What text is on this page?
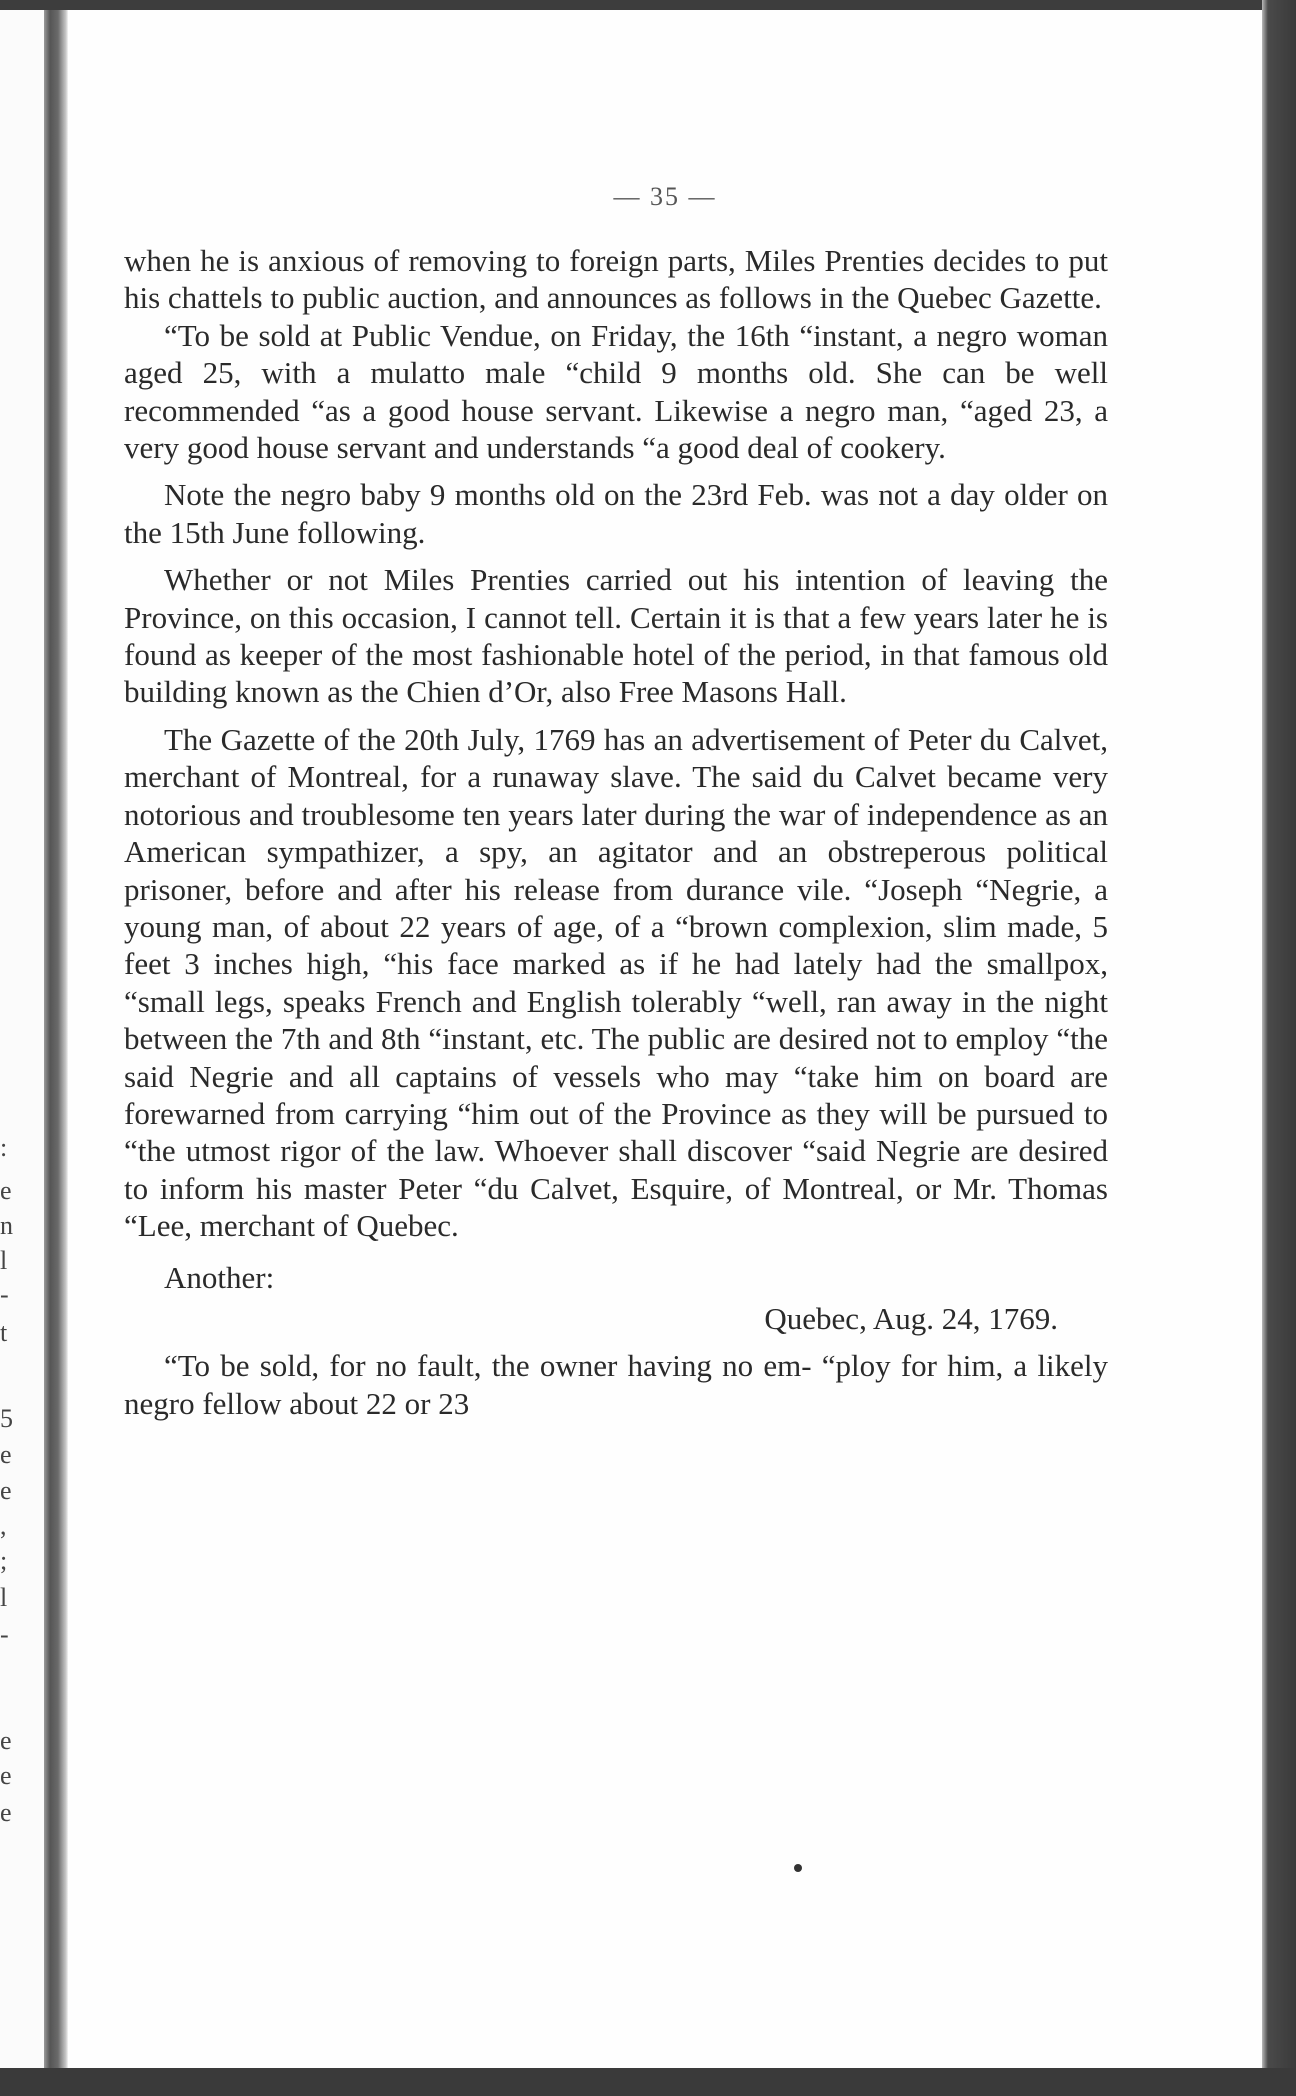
:
e
n
l
-
t
5
e
e
,
;
l
-
e
e
e
— 35 —

when he is anxious of removing to foreign parts, Miles Prenties decides to put his chattels to public auction, and announces as follows in the Quebec Gazette.

“To be sold at Public Vendue, on Friday, the 16th “instant, a negro woman aged 25, with a mulatto male “child 9 months old. She can be well recommended “as a good house servant. Likewise a negro man, “aged 23, a very good house servant and understands “a good deal of cookery.

Note the negro baby 9 months old on the 23rd Feb. was not a day older on the 15th June following.

Whether or not Miles Prenties carried out his intention of leaving the Province, on this occasion, I cannot tell. Certain it is that a few years later he is found as keeper of the most fashionable hotel of the period, in that famous old building known as the Chien d’Or, also Free Masons Hall.

The Gazette of the 20th July, 1769 has an advertisement of Peter du Calvet, merchant of Montreal, for a runaway slave. The said du Calvet became very notorious and troublesome ten years later during the war of independence as an American sympathizer, a spy, an agitator and an obstreperous political prisoner, before and after his release from durance vile. “Joseph “Negrie, a young man, of about 22 years of age, of a “brown complexion, slim made, 5 feet 3 inches high, “his face marked as if he had lately had the smallpox, “small legs, speaks French and English tolerably “well, ran away in the night between the 7th and 8th “instant, etc. The public are desired not to employ “the said Negrie and all captains of vessels who may “take him on board are forewarned from carrying “him out of the Province as they will be pursued to “the utmost rigor of the law. Whoever shall discover “said Negrie are desired to inform his master Peter “du Calvet, Esquire, of Montreal, or Mr. Thomas “Lee, merchant of Quebec.

Another:

Quebec, Aug. 24, 1769.

“To be sold, for no fault, the owner having no em- “ploy for him, a likely negro fellow about 22 or 23
